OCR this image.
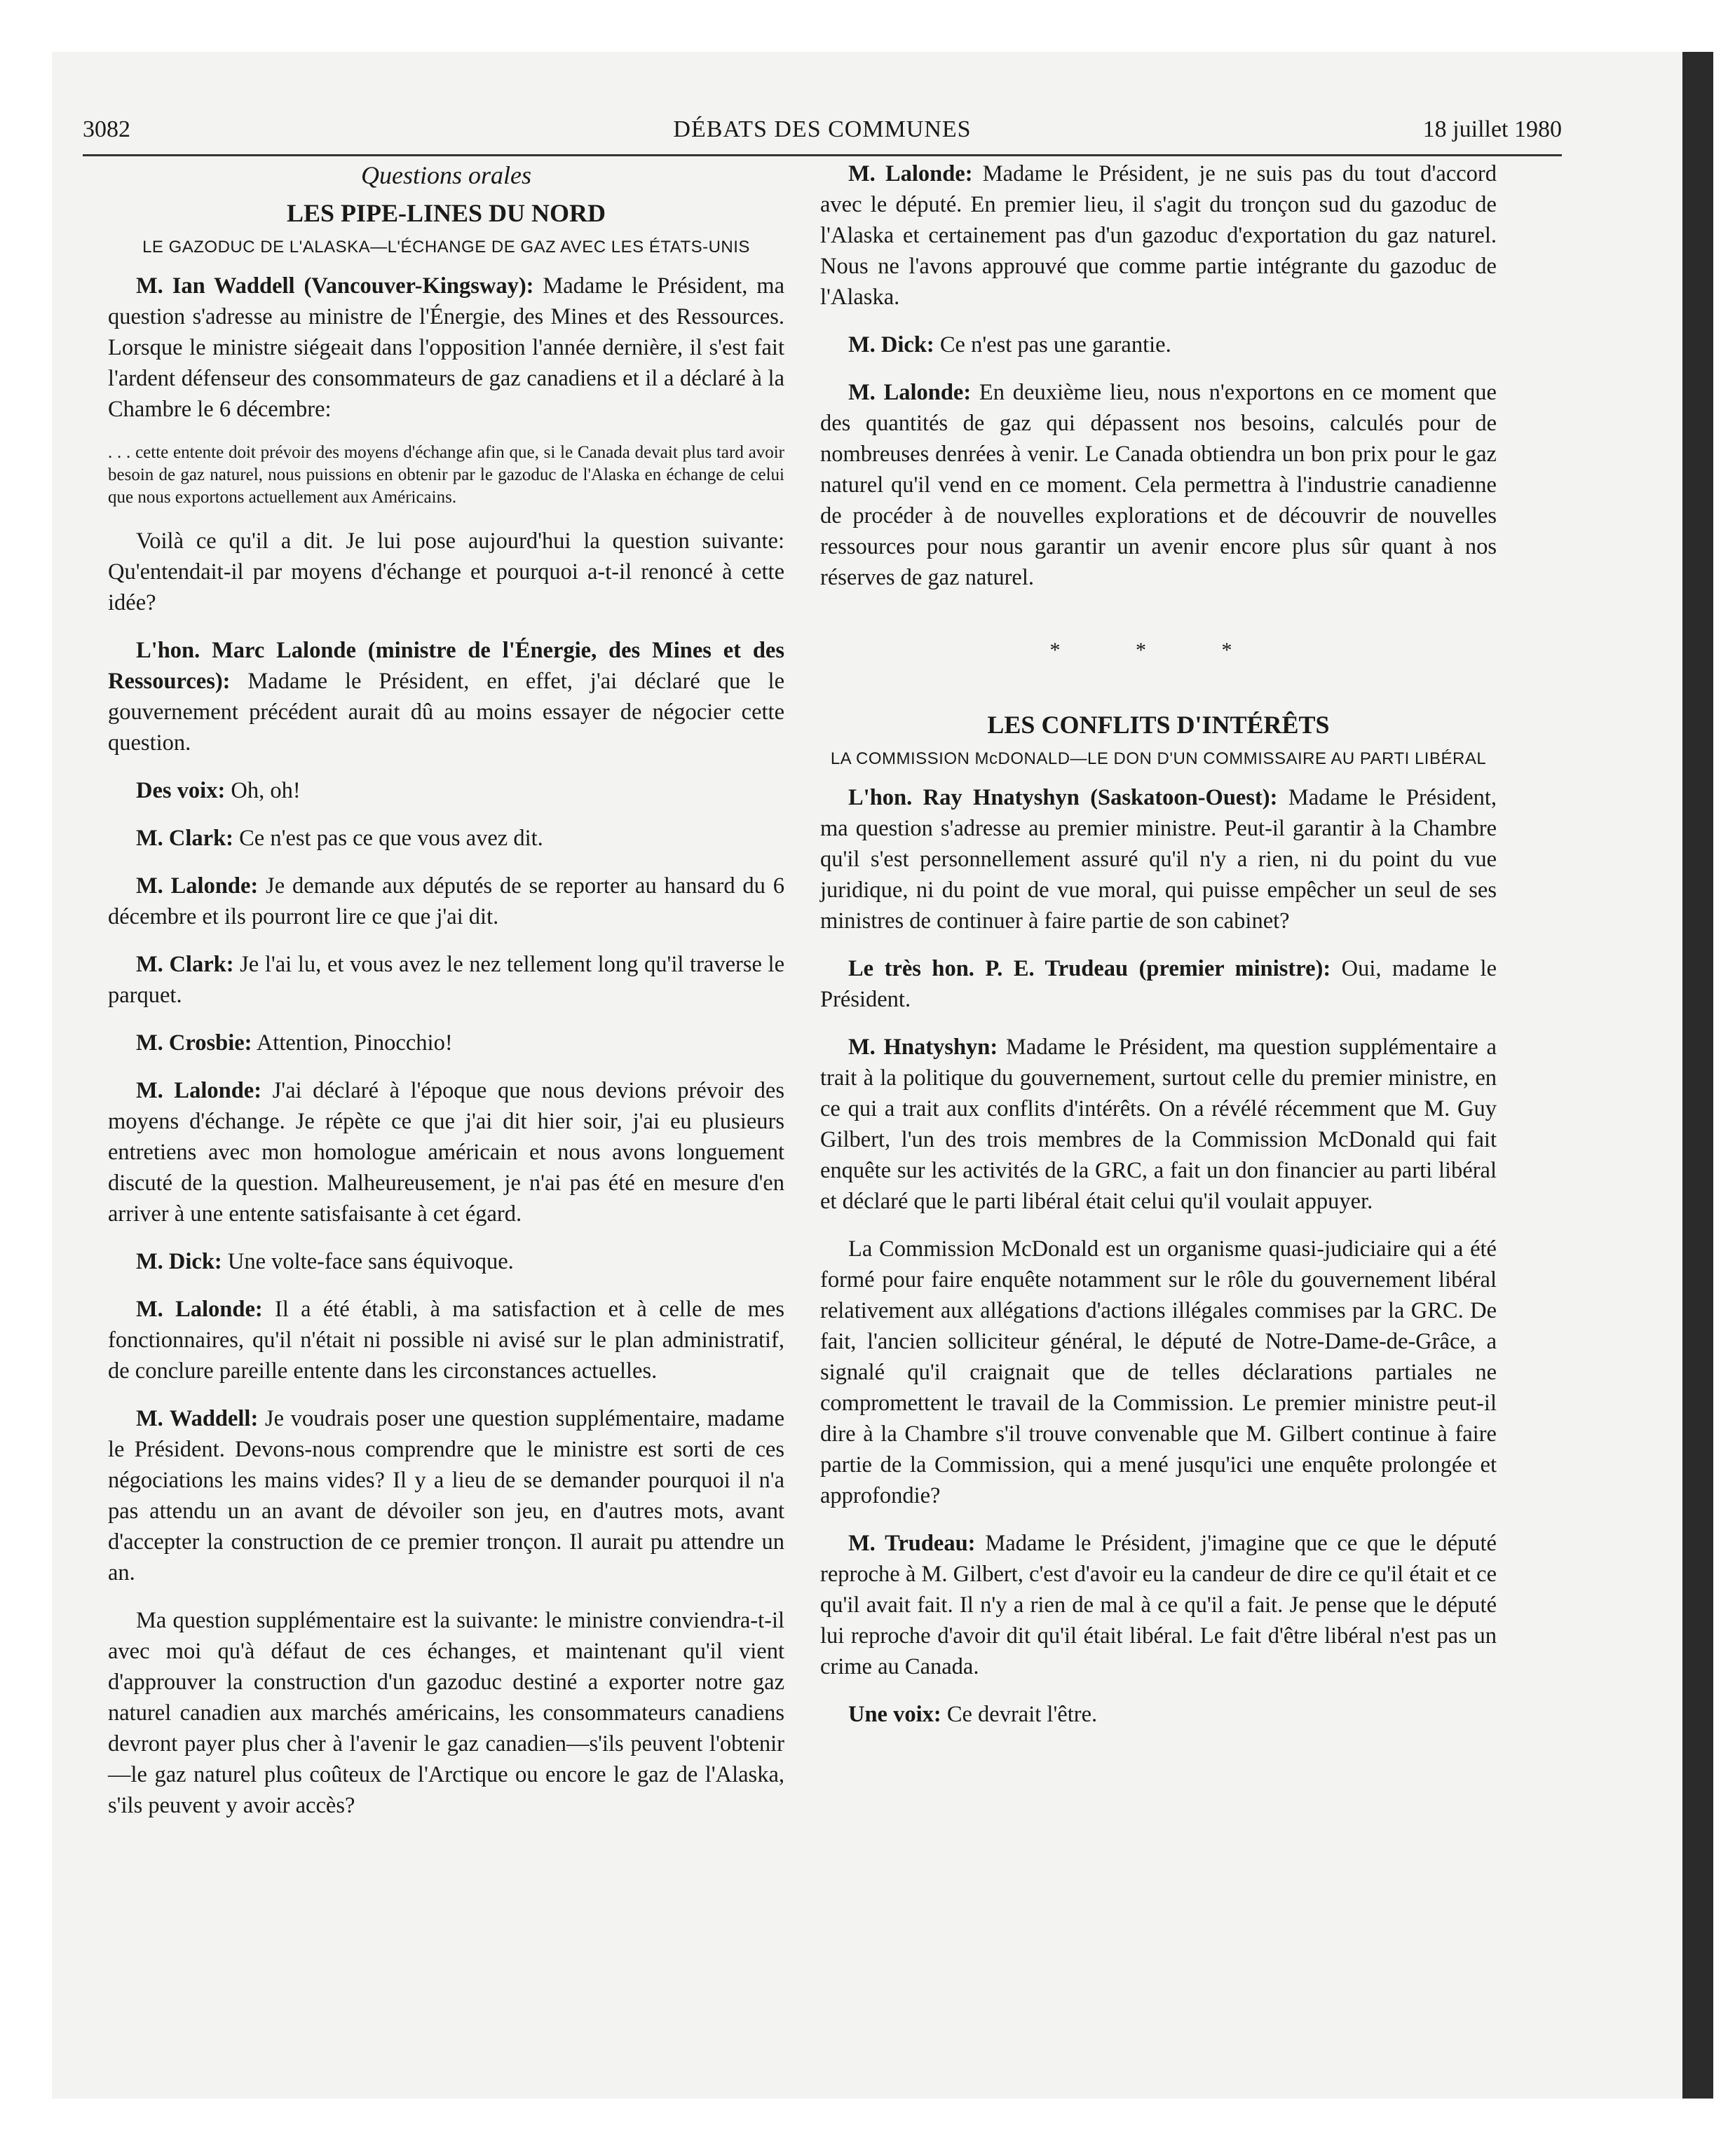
3082	DÉBATS DES COMMUNES	18 juillet 1980

Questions orales

LES PIPE-LINES DU NORD

LE GAZODUC DE L'ALASKA—L'ÉCHANGE DE GAZ AVEC LES ÉTATS-UNIS

M. Ian Waddell (Vancouver-Kingsway): Madame le Président, ma question s'adresse au ministre de l'Énergie, des Mines et des Ressources. Lorsque le ministre siégeait dans l'opposition l'année dernière, il s'est fait l'ardent défenseur des consommateurs de gaz canadiens et il a déclaré à la Chambre le 6 décembre:

. . . cette entente doit prévoir des moyens d'échange afin que, si le Canada devait plus tard avoir besoin de gaz naturel, nous puissions en obtenir par le gazoduc de l'Alaska en échange de celui que nous exportons actuellement aux Américains.

Voilà ce qu'il a dit. Je lui pose aujourd'hui la question suivante: Qu'entendait-il par moyens d'échange et pourquoi a-t-il renoncé à cette idée?

L'hon. Marc Lalonde (ministre de l'Énergie, des Mines et des Ressources): Madame le Président, en effet, j'ai déclaré que le gouvernement précédent aurait dû au moins essayer de négocier cette question.

Des voix: Oh, oh!

M. Clark: Ce n'est pas ce que vous avez dit.

M. Lalonde: Je demande aux députés de se reporter au hansard du 6 décembre et ils pourront lire ce que j'ai dit.

M. Clark: Je l'ai lu, et vous avez le nez tellement long qu'il traverse le parquet.

M. Crosbie: Attention, Pinocchio!

M. Lalonde: J'ai déclaré à l'époque que nous devions prévoir des moyens d'échange. Je répète ce que j'ai dit hier soir, j'ai eu plusieurs entretiens avec mon homologue américain et nous avons longuement discuté de la question. Malheureusement, je n'ai pas été en mesure d'en arriver à une entente satisfaisante à cet égard.

M. Dick: Une volte-face sans équivoque.

M. Lalonde: Il a été établi, à ma satisfaction et à celle de mes fonctionnaires, qu'il n'était ni possible ni avisé sur le plan administratif, de conclure pareille entente dans les circonstances actuelles.

M. Waddell: Je voudrais poser une question supplémentaire, madame le Président. Devons-nous comprendre que le ministre est sorti de ces négociations les mains vides? Il y a lieu de se demander pourquoi il n'a pas attendu un an avant de dévoiler son jeu, en d'autres mots, avant d'accepter la construction de ce premier tronçon. Il aurait pu attendre un an.

Ma question supplémentaire est la suivante: le ministre conviendra-t-il avec moi qu'à défaut de ces échanges, et maintenant qu'il vient d'approuver la construction d'un gazoduc destiné a exporter notre gaz naturel canadien aux marchés américains, les consommateurs canadiens devront payer plus cher à l'avenir le gaz canadien—s'ils peuvent l'obtenir—le gaz naturel plus coûteux de l'Arctique ou encore le gaz de l'Alaska, s'ils peuvent y avoir accès?

M. Lalonde: Madame le Président, je ne suis pas du tout d'accord avec le député. En premier lieu, il s'agit du tronçon sud du gazoduc de l'Alaska et certainement pas d'un gazoduc d'exportation du gaz naturel. Nous ne l'avons approuvé que comme partie intégrante du gazoduc de l'Alaska.

M. Dick: Ce n'est pas une garantie.

M. Lalonde: En deuxième lieu, nous n'exportons en ce moment que des quantités de gaz qui dépassent nos besoins, calculés pour de nombreuses denrées à venir. Le Canada obtiendra un bon prix pour le gaz naturel qu'il vend en ce moment. Cela permettra à l'industrie canadienne de procéder à de nouvelles explorations et de découvrir de nouvelles ressources pour nous garantir un avenir encore plus sûr quant à nos réserves de gaz naturel.

* * *

LES CONFLITS D'INTÉRÊTS

LA COMMISSION McDONALD—LE DON D'UN COMMISSAIRE AU PARTI LIBÉRAL

L'hon. Ray Hnatyshyn (Saskatoon-Ouest): Madame le Président, ma question s'adresse au premier ministre. Peut-il garantir à la Chambre qu'il s'est personnellement assuré qu'il n'y a rien, ni du point du vue juridique, ni du point de vue moral, qui puisse empêcher un seul de ses ministres de continuer à faire partie de son cabinet?

Le très hon. P. E. Trudeau (premier ministre): Oui, madame le Président.

M. Hnatyshyn: Madame le Président, ma question supplémentaire a trait à la politique du gouvernement, surtout celle du premier ministre, en ce qui a trait aux conflits d'intérêts. On a révélé récemment que M. Guy Gilbert, l'un des trois membres de la Commission McDonald qui fait enquête sur les activités de la GRC, a fait un don financier au parti libéral et déclaré que le parti libéral était celui qu'il voulait appuyer.

La Commission McDonald est un organisme quasi-judiciaire qui a été formé pour faire enquête notamment sur le rôle du gouvernement libéral relativement aux allégations d'actions illégales commises par la GRC. De fait, l'ancien solliciteur général, le député de Notre-Dame-de-Grâce, a signalé qu'il craignait que de telles déclarations partiales ne compromettent le travail de la Commission. Le premier ministre peut-il dire à la Chambre s'il trouve convenable que M. Gilbert continue à faire partie de la Commission, qui a mené jusqu'ici une enquête prolongée et approfondie?

M. Trudeau: Madame le Président, j'imagine que ce que le député reproche à M. Gilbert, c'est d'avoir eu la candeur de dire ce qu'il était et ce qu'il avait fait. Il n'y a rien de mal à ce qu'il a fait. Je pense que le député lui reproche d'avoir dit qu'il était libéral. Le fait d'être libéral n'est pas un crime au Canada.

Une voix: Ce devrait l'être.
